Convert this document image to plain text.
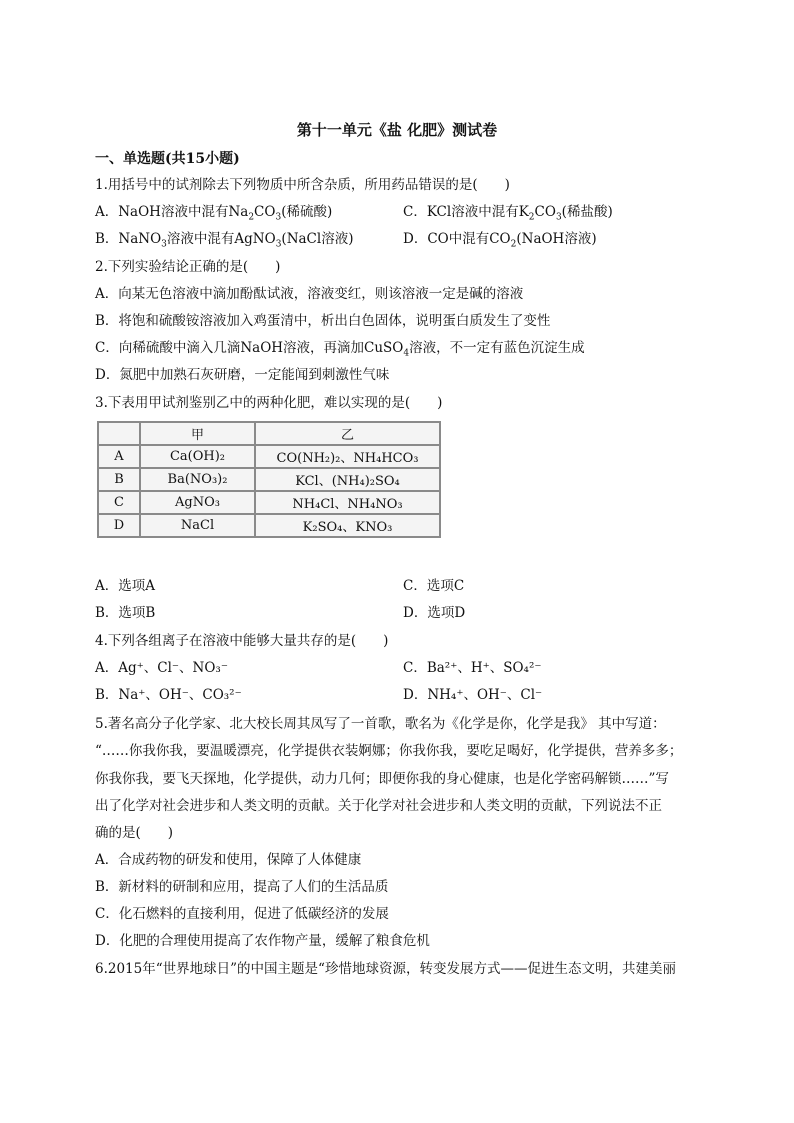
第十一单元《盐 化肥》测试卷
一、单选题(共15小题)
1.用括号中的试剂除去下列物质中所含杂质，所用药品错误的是(　　)
A．NaOH溶液中混有$Na_2CO_3$(稀硫酸)	C．KCl溶液中混有$K_2CO_3$(稀盐酸)
B．NaNO$_3$溶液中混有AgNO$_3$(NaCl溶液)	D．CO中混有$CO_2(NaOH$溶液)
2.下列实验结论正确的是(　　)
A．向某无色溶液中滴加酚酞试液，溶液变红，则该溶液一定是碱的溶液
B．将饱和硫酸铵溶液加入鸡蛋清中，析出白色固体，说明蛋白质发生了变性
C．向稀硫酸中滴入几滴NaOH溶液，再滴加CuSO$_4$溶液，不一定有蓝色沉淀生成
D．氮肥中加熟石灰研磨，一定能闻到刺激性气味
3.下表用甲试剂鉴别乙中的两种化肥，难以实现的是(　　)
	甲	乙
A	Ca(OH)₂	CO(NH₂)₂、NH₄HCO₃
B	Ba(NO₃)₂	KCl、(NH₄)₂SO₄
C	AgNO₃	NH₄Cl、NH₄NO₃
D	NaCl	K₂SO₄、KNO₃
A．选项A	C．选项C
B．选项B	D．选项D
4.下列各组离子在溶液中能够大量共存的是(　　)
A．Ag⁺、Cl⁻、NO₃⁻	C．Ba²⁺、H⁺、SO₄²⁻
B．Na⁺、OH⁻、CO₃²⁻	D．NH₄⁺、OH⁻、Cl⁻
5.著名高分子化学家、北大校长周其凤写了一首歌，歌名为《化学是你，化学是我》 其中写道：
“……你我你我，要温暖漂亮，化学提供衣装婀娜；你我你我，要吃足喝好，化学提供，营养多多；
你我你我，要飞天探地，化学提供，动力几何；即便你我的身心健康，也是化学密码解锁……”写
出了化学对社会进步和人类文明的贡献。关于化学对社会进步和人类文明的贡献，下列说法不正
确的是(　　)
A．合成药物的研发和使用，保障了人体健康
B．新材料的研制和应用，提高了人们的生活品质
C．化石燃料的直接利用，促进了低碳经济的发展
D．化肥的合理使用提高了农作物产量，缓解了粮食危机
6.2015年“世界地球日”的中国主题是“珍惜地球资源，转变发展方式——促进生态文明，共建美丽
